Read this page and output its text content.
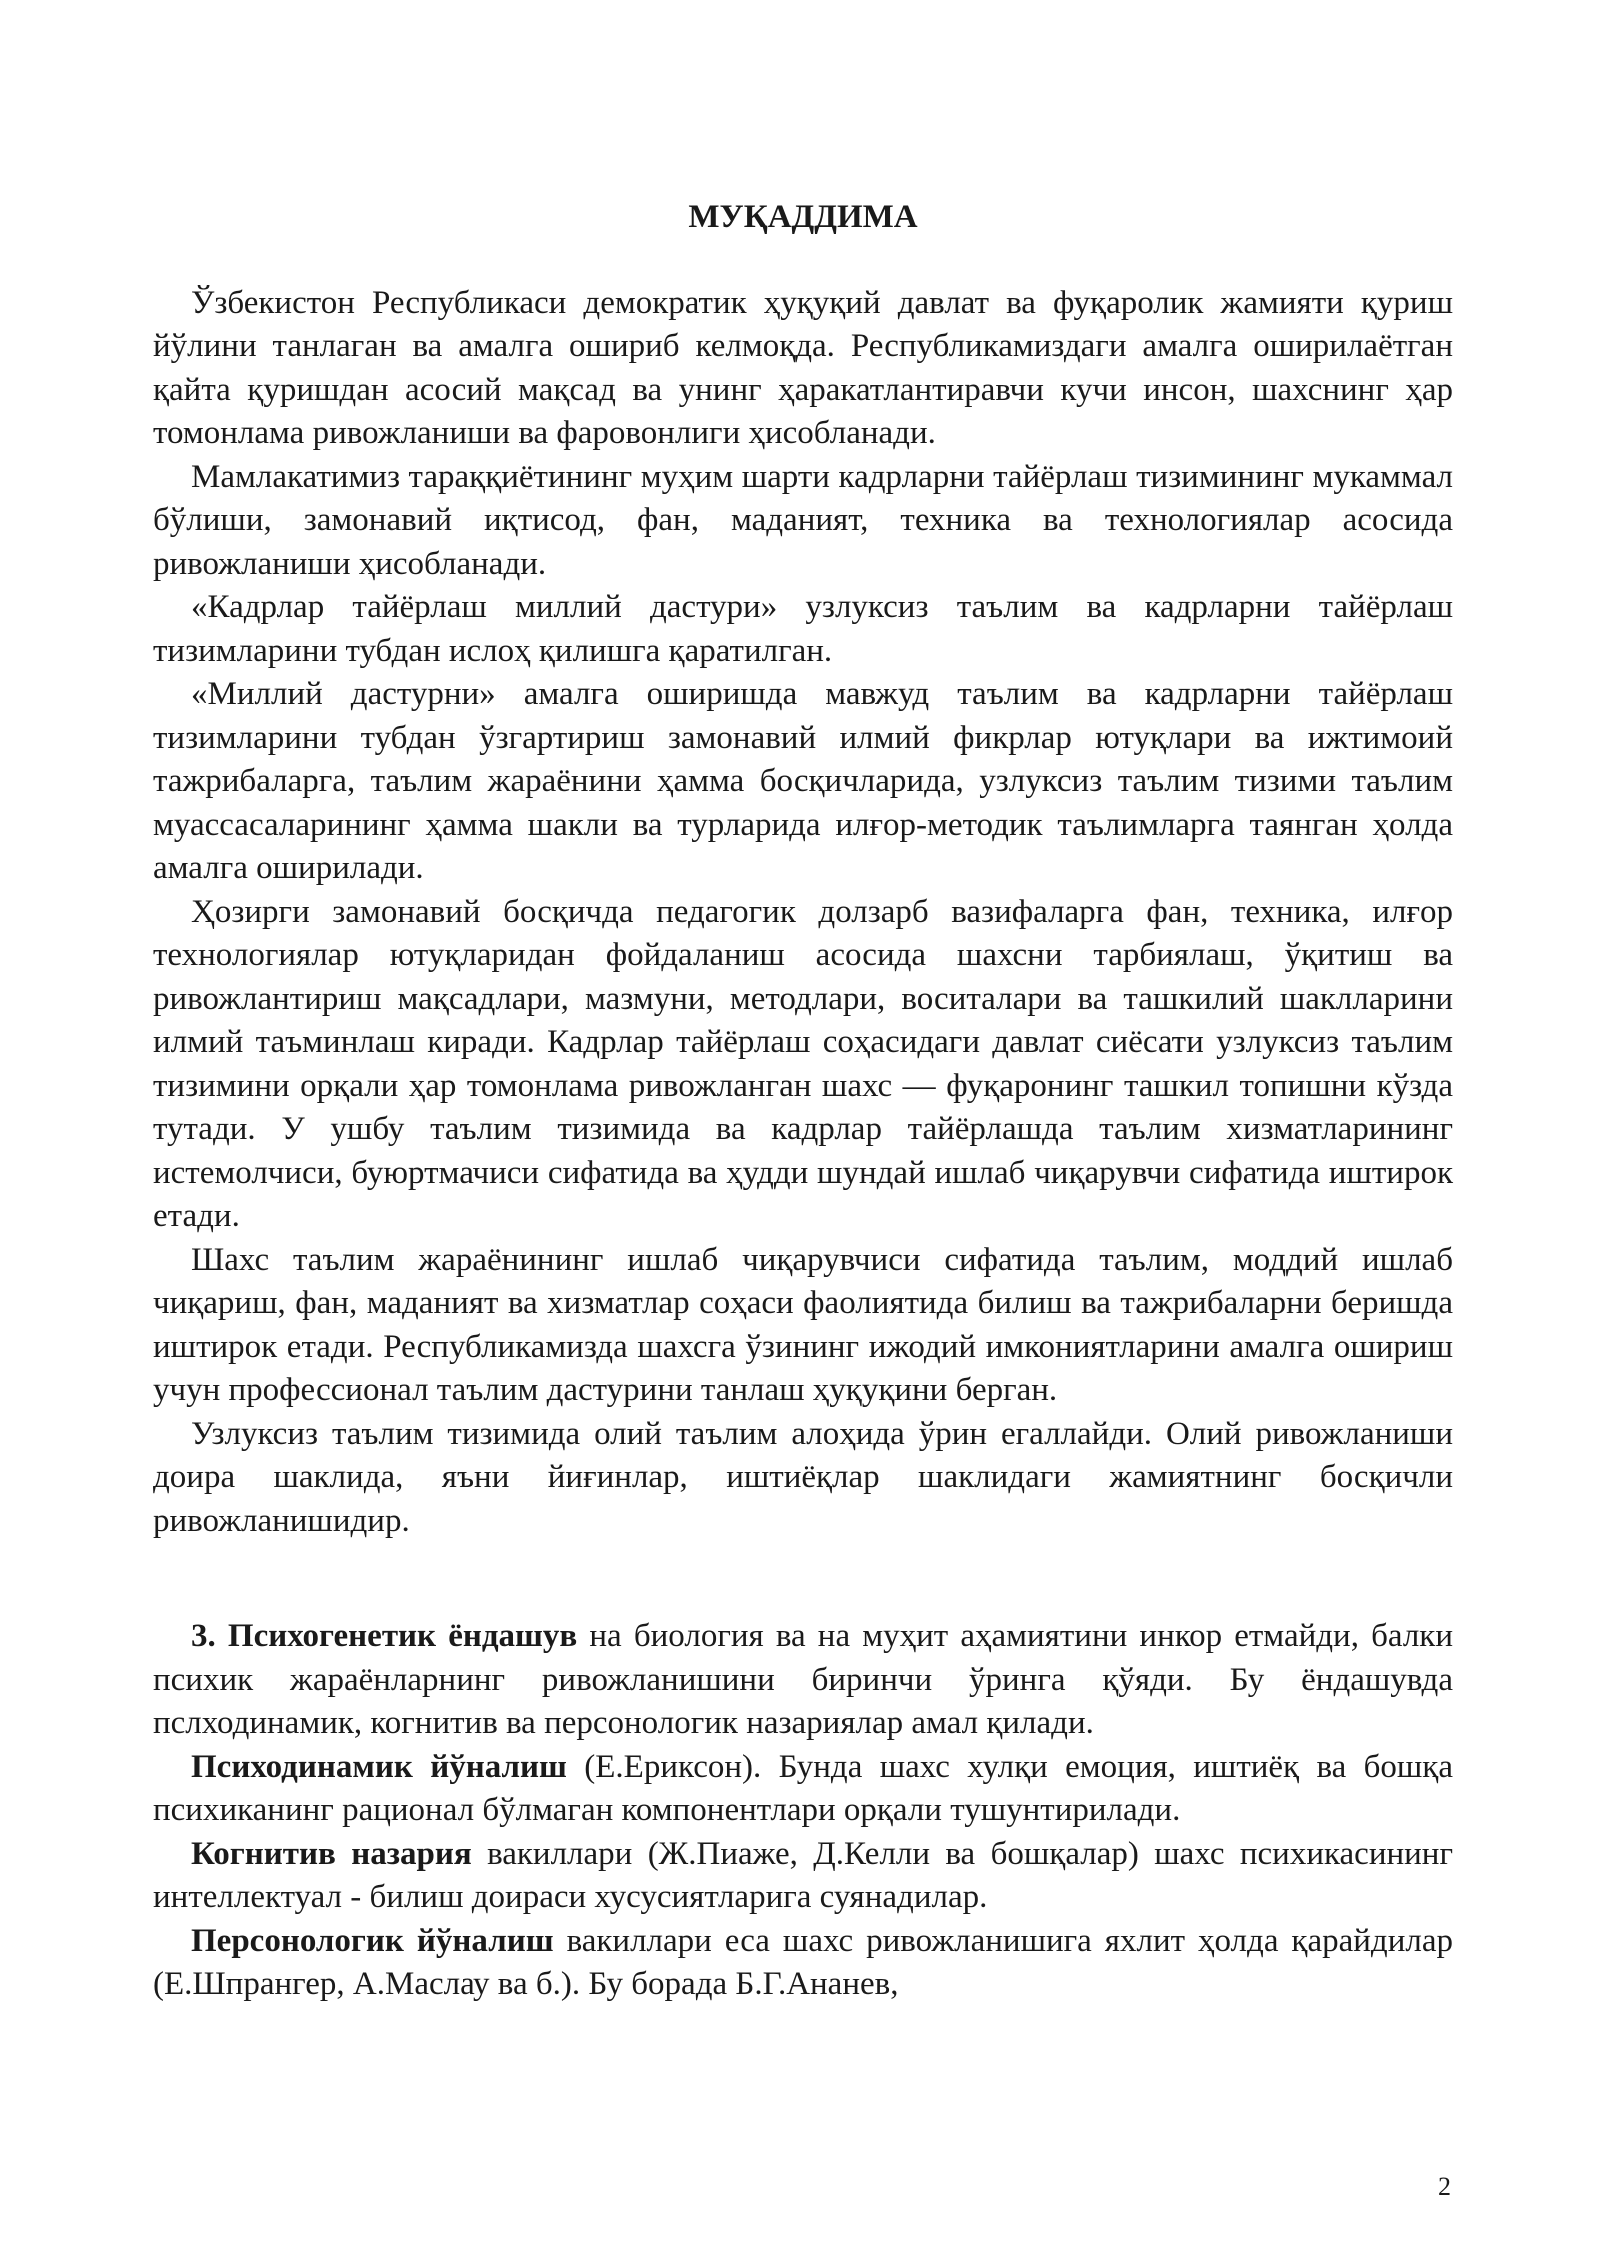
МУҚАДДИМА

Ўзбекистон Республикаси демократик ҳуқуқий давлат ва фуқаролик жамияти қуриш йўлини танлаган ва амалга ошириб келмоқда. Республикамиздаги амалга оширилаётган қайта қуришдан асосий мақсад ва унинг ҳаракатлантиравчи кучи инсон, шахснинг ҳар томонлама ривожланиши ва фаровонлиги ҳисобланади.

Мамлакатимиз тараққиётининг муҳим шарти кадрларни тайёрлаш тизимининг мукаммал бўлиши, замонавий иқтисод, фан, маданият, техника ва технологиялар асосида ривожланиши ҳисобланади.

«Кадрлар тайёрлаш миллий дастури» узлуксиз таълим ва кадрларни тайёрлаш тизимларини тубдан ислоҳ қилишга қаратилган.

«Миллий дастурни» амалга оширишда мавжуд таълим ва кадрларни тайёрлаш тизимларини тубдан ўзгартириш замонавий илмий фикрлар ютуқлари ва ижтимоий тажрибаларга, таълим жараёнини ҳамма босқичларида, узлуксиз таълим тизими таълим муассасаларининг ҳамма шакли ва турларида илғор-методик таълимларга таянган ҳолда амалга оширилади.

Ҳозирги замонавий босқичда педагогик долзарб вазифаларга фан, техника, илғор технологиялар ютуқларидан фойдаланиш асосида шахсни тарбиялаш, ўқитиш ва ривожлантириш мақсадлари, мазмуни, методлари, воситалари ва ташкилий шаклларини илмий таъминлаш киради. Кадрлар тайёрлаш соҳасидаги давлат сиёсати узлуксиз таълим тизимини орқали ҳар томонлама ривожланган шахс — фуқаронинг ташкил топишни кўзда тутади. У ушбу таълим тизимида ва кадрлар тайёрлашда таълим хизматларининг истемолчиси, буюртмачиси сифатида ва ҳудди шундай ишлаб чиқарувчи сифатида иштирок етади.

Шахс таълим жараёнининг ишлаб чиқарувчиси сифатида таълим, моддий ишлаб чиқариш, фан, маданият ва хизматлар соҳаси фаолиятида билиш ва тажрибаларни беришда иштирок етади. Республикамизда шахсга ўзининг ижодий имкониятларини амалга ошириш учун профессионал таълим дастурини танлаш ҳуқуқини берган.

Узлуксиз таълим тизимида олий таълим алоҳида ўрин егаллайди. Олий ривожланиши доира шаклида, яъни йиғинлар, иштиёқлар шаклидаги жамиятнинг босқичли ривожланишидир.

3. Психогенетик ёндашув на биология ва на муҳит аҳамиятини инкор етмайди, балки психик жараёнларнинг ривожланишини биринчи ўринга қўяди. Бу ёндашувда пслходинамик, когнитив ва персонологик назариялар амал қилади.

Психодинамик йўналиш (Е.Ериксон). Бунда шахс хулқи емоция, иштиёқ ва бошқа психиканинг рационал бўлмаган компонентлари орқали тушунтирилади.

Когнитив назария вакиллари (Ж.Пиаже, Д.Келли ва бошқалар) шахс психикасининг интеллектуал - билиш доираси хусусиятларига суянадилар.

Персонологик йўналиш вакиллари еса шахс ривожланишига яхлит ҳолда қарайдилар (Е.Шпрангер, А.Маслау ва б.). Бу борада Б.Г.Ананев,

2
